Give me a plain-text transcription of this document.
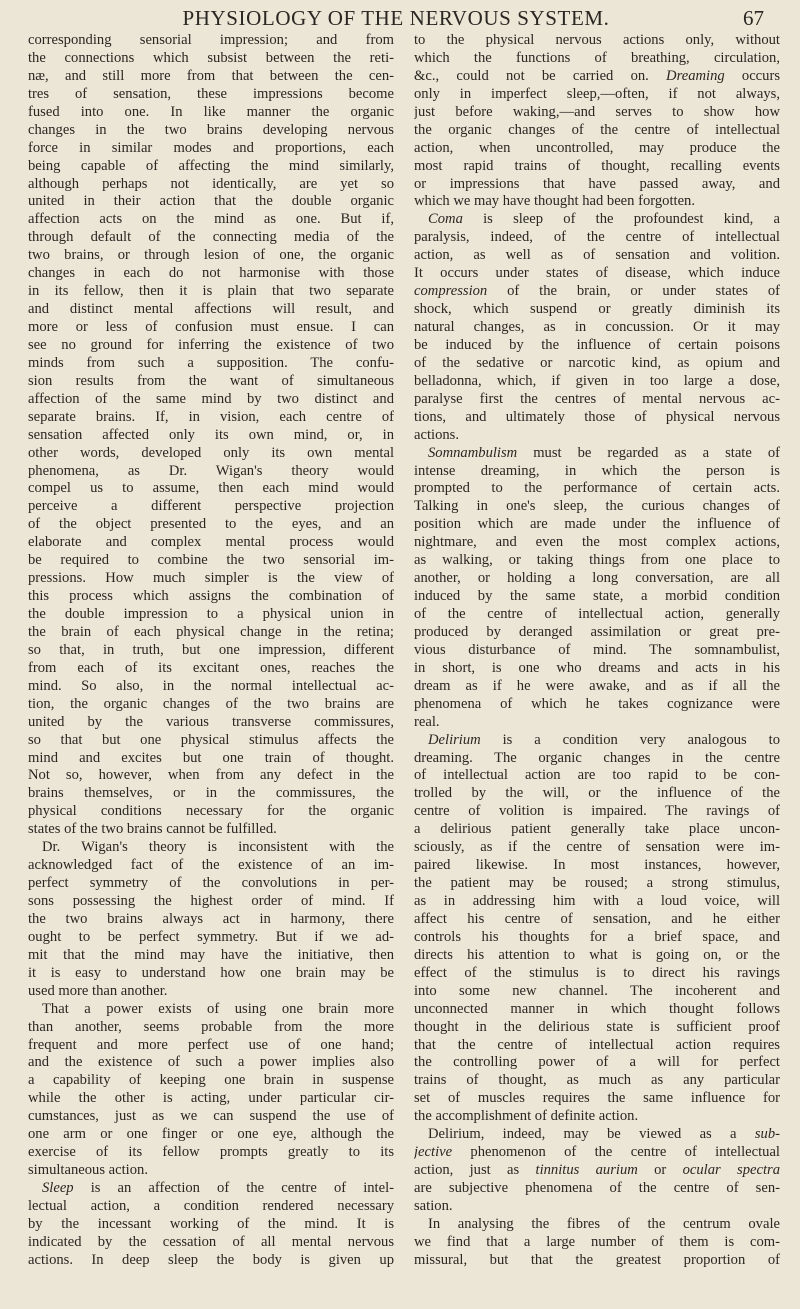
PHYSIOLOGY OF THE NERVOUS SYSTEM.	67
corresponding sensorial impression; and from
the connections which subsist between the reti-
næ, and still more from that between the cen-
tres of sensation, these impressions become
fused into one. In like manner the organic
changes in the two brains developing nervous
force in similar modes and proportions, each
being capable of affecting the mind similarly,
although perhaps not identically, are yet so
united in their action that the double organic
affection acts on the mind as one. But if,
through default of the connecting media of the
two brains, or through lesion of one, the organic
changes in each do not harmonise with those
in its fellow, then it is plain that two separate
and distinct mental affections will result, and
more or less of confusion must ensue. I can
see no ground for inferring the existence of two
minds from such a supposition. The confu-
sion results from the want of simultaneous
affection of the same mind by two distinct and
separate brains. If, in vision, each centre of
sensation affected only its own mind, or, in
other words, developed only its own mental
phenomena, as Dr. Wigan's theory would
compel us to assume, then each mind would
perceive a different perspective projection
of the object presented to the eyes, and an
elaborate and complex mental process would
be required to combine the two sensorial im-
pressions. How much simpler is the view of
this process which assigns the combination of
the double impression to a physical union in
the brain of each physical change in the retina;
so that, in truth, but one impression, different
from each of its excitant ones, reaches the
mind. So also, in the normal intellectual ac-
tion, the organic changes of the two brains are
united by the various transverse commissures,
so that but one physical stimulus affects the
mind and excites but one train of thought.
Not so, however, when from any defect in the
brains themselves, or in the commissures, the
physical conditions necessary for the organic
states of the two brains cannot be fulfilled.
Dr. Wigan's theory is inconsistent with the
acknowledged fact of the existence of an im-
perfect symmetry of the convolutions in per-
sons possessing the highest order of mind. If
the two brains always act in harmony, there
ought to be perfect symmetry. But if we ad-
mit that the mind may have the initiative, then
it is easy to understand how one brain may be
used more than another.
That a power exists of using one brain more
than another, seems probable from the more
frequent and more perfect use of one hand;
and the existence of such a power implies also
a capability of keeping one brain in suspense
while the other is acting, under particular cir-
cumstances, just as we can suspend the use of
one arm or one finger or one eye, although the
exercise of its fellow prompts greatly to its
simultaneous action.
Sleep is an affection of the centre of intel-
lectual action, a condition rendered necessary
by the incessant working of the mind. It is
indicated by the cessation of all mental nervous
actions. In deep sleep the body is given up
to the physical nervous actions only, without
which the functions of breathing, circulation,
&c., could not be carried on. Dreaming occurs
only in imperfect sleep,—often, if not always,
just before waking,—and serves to show how
the organic changes of the centre of intellectual
action, when uncontrolled, may produce the
most rapid trains of thought, recalling events
or impressions that have passed away, and
which we may have thought had been forgotten.
Coma is sleep of the profoundest kind, a
paralysis, indeed, of the centre of intellectual
action, as well as of sensation and volition.
It occurs under states of disease, which induce
compression of the brain, or under states of
shock, which suspend or greatly diminish its
natural changes, as in concussion. Or it may
be induced by the influence of certain poisons
of the sedative or narcotic kind, as opium and
belladonna, which, if given in too large a dose,
paralyse first the centres of mental nervous ac-
tions, and ultimately those of physical nervous
actions.
Somnambulism must be regarded as a state of
intense dreaming, in which the person is
prompted to the performance of certain acts.
Talking in one's sleep, the curious changes of
position which are made under the influence of
nightmare, and even the most complex actions,
as walking, or taking things from one place to
another, or holding a long conversation, are all
induced by the same state, a morbid condition
of the centre of intellectual action, generally
produced by deranged assimilation or great pre-
vious disturbance of mind. The somnambulist,
in short, is one who dreams and acts in his
dream as if he were awake, and as if all the
phenomena of which he takes cognizance were
real.
Delirium is a condition very analogous to
dreaming. The organic changes in the centre
of intellectual action are too rapid to be con-
trolled by the will, or the influence of the
centre of volition is impaired. The ravings of
a delirious patient generally take place uncon-
sciously, as if the centre of sensation were im-
paired likewise. In most instances, however,
the patient may be roused; a strong stimulus,
as in addressing him with a loud voice, will
affect his centre of sensation, and he either
controls his thoughts for a brief space, and
directs his attention to what is going on, or the
effect of the stimulus is to direct his ravings
into some new channel. The incoherent and
unconnected manner in which thought follows
thought in the delirious state is sufficient proof
that the centre of intellectual action requires
the controlling power of a will for perfect
trains of thought, as much as any particular
set of muscles requires the same influence for
the accomplishment of definite action.
Delirium, indeed, may be viewed as a sub-
jective phenomenon of the centre of intellectual
action, just as tinnitus aurium or ocular spectra
are subjective phenomena of the centre of sen-
sation.
In analysing the fibres of the centrum ovale
we find that a large number of them is com-
missural, but that the greatest proportion of
